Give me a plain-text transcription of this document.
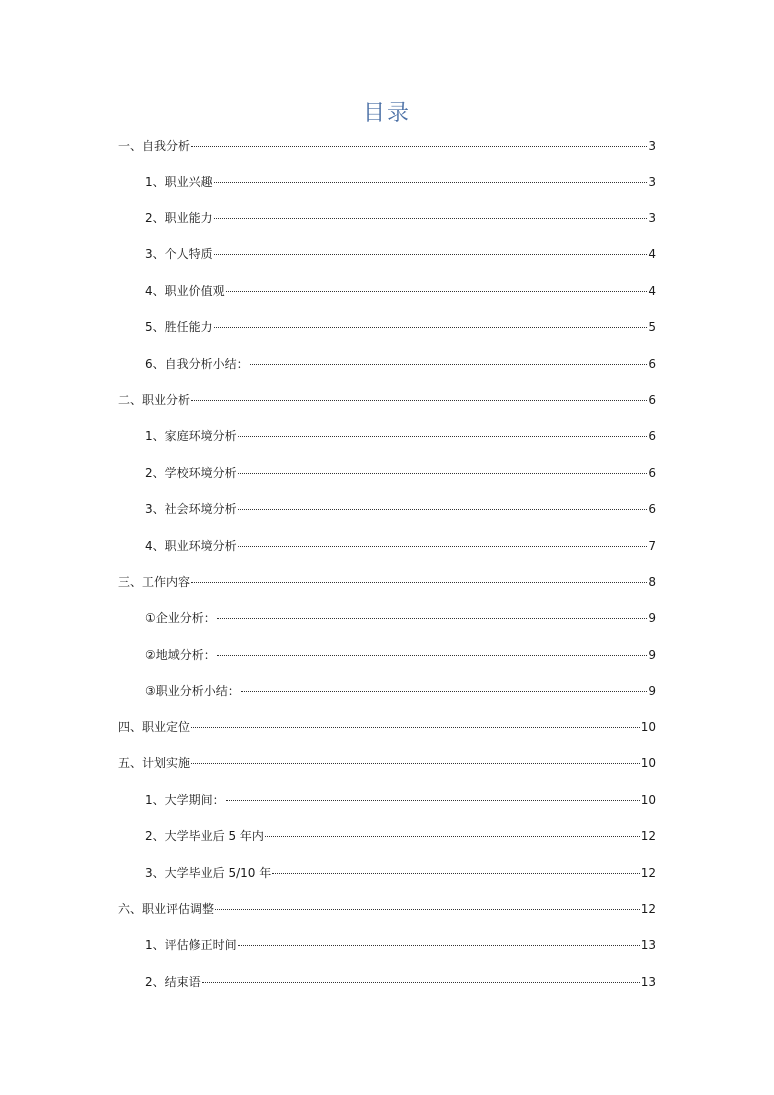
目录
一、自我分析	3
1、职业兴趣	3
2、职业能力	3
3、个人特质	4
4、职业价值观	4
5、胜任能力	5
6、自我分析小结：	6
二、职业分析	6
1、家庭环境分析	6
2、学校环境分析	6
3、社会环境分析	6
4、职业环境分析	7
三、工作内容	8
①企业分析：	9
②地域分析：	9
③职业分析小结：	9
四、职业定位	10
五、计划实施	10
1、大学期间：	10
2、大学毕业后 5 年内	12
3、大学毕业后 5/10 年	12
六、职业评估调整	12
1、评估修正时间	13
2、结束语	13
